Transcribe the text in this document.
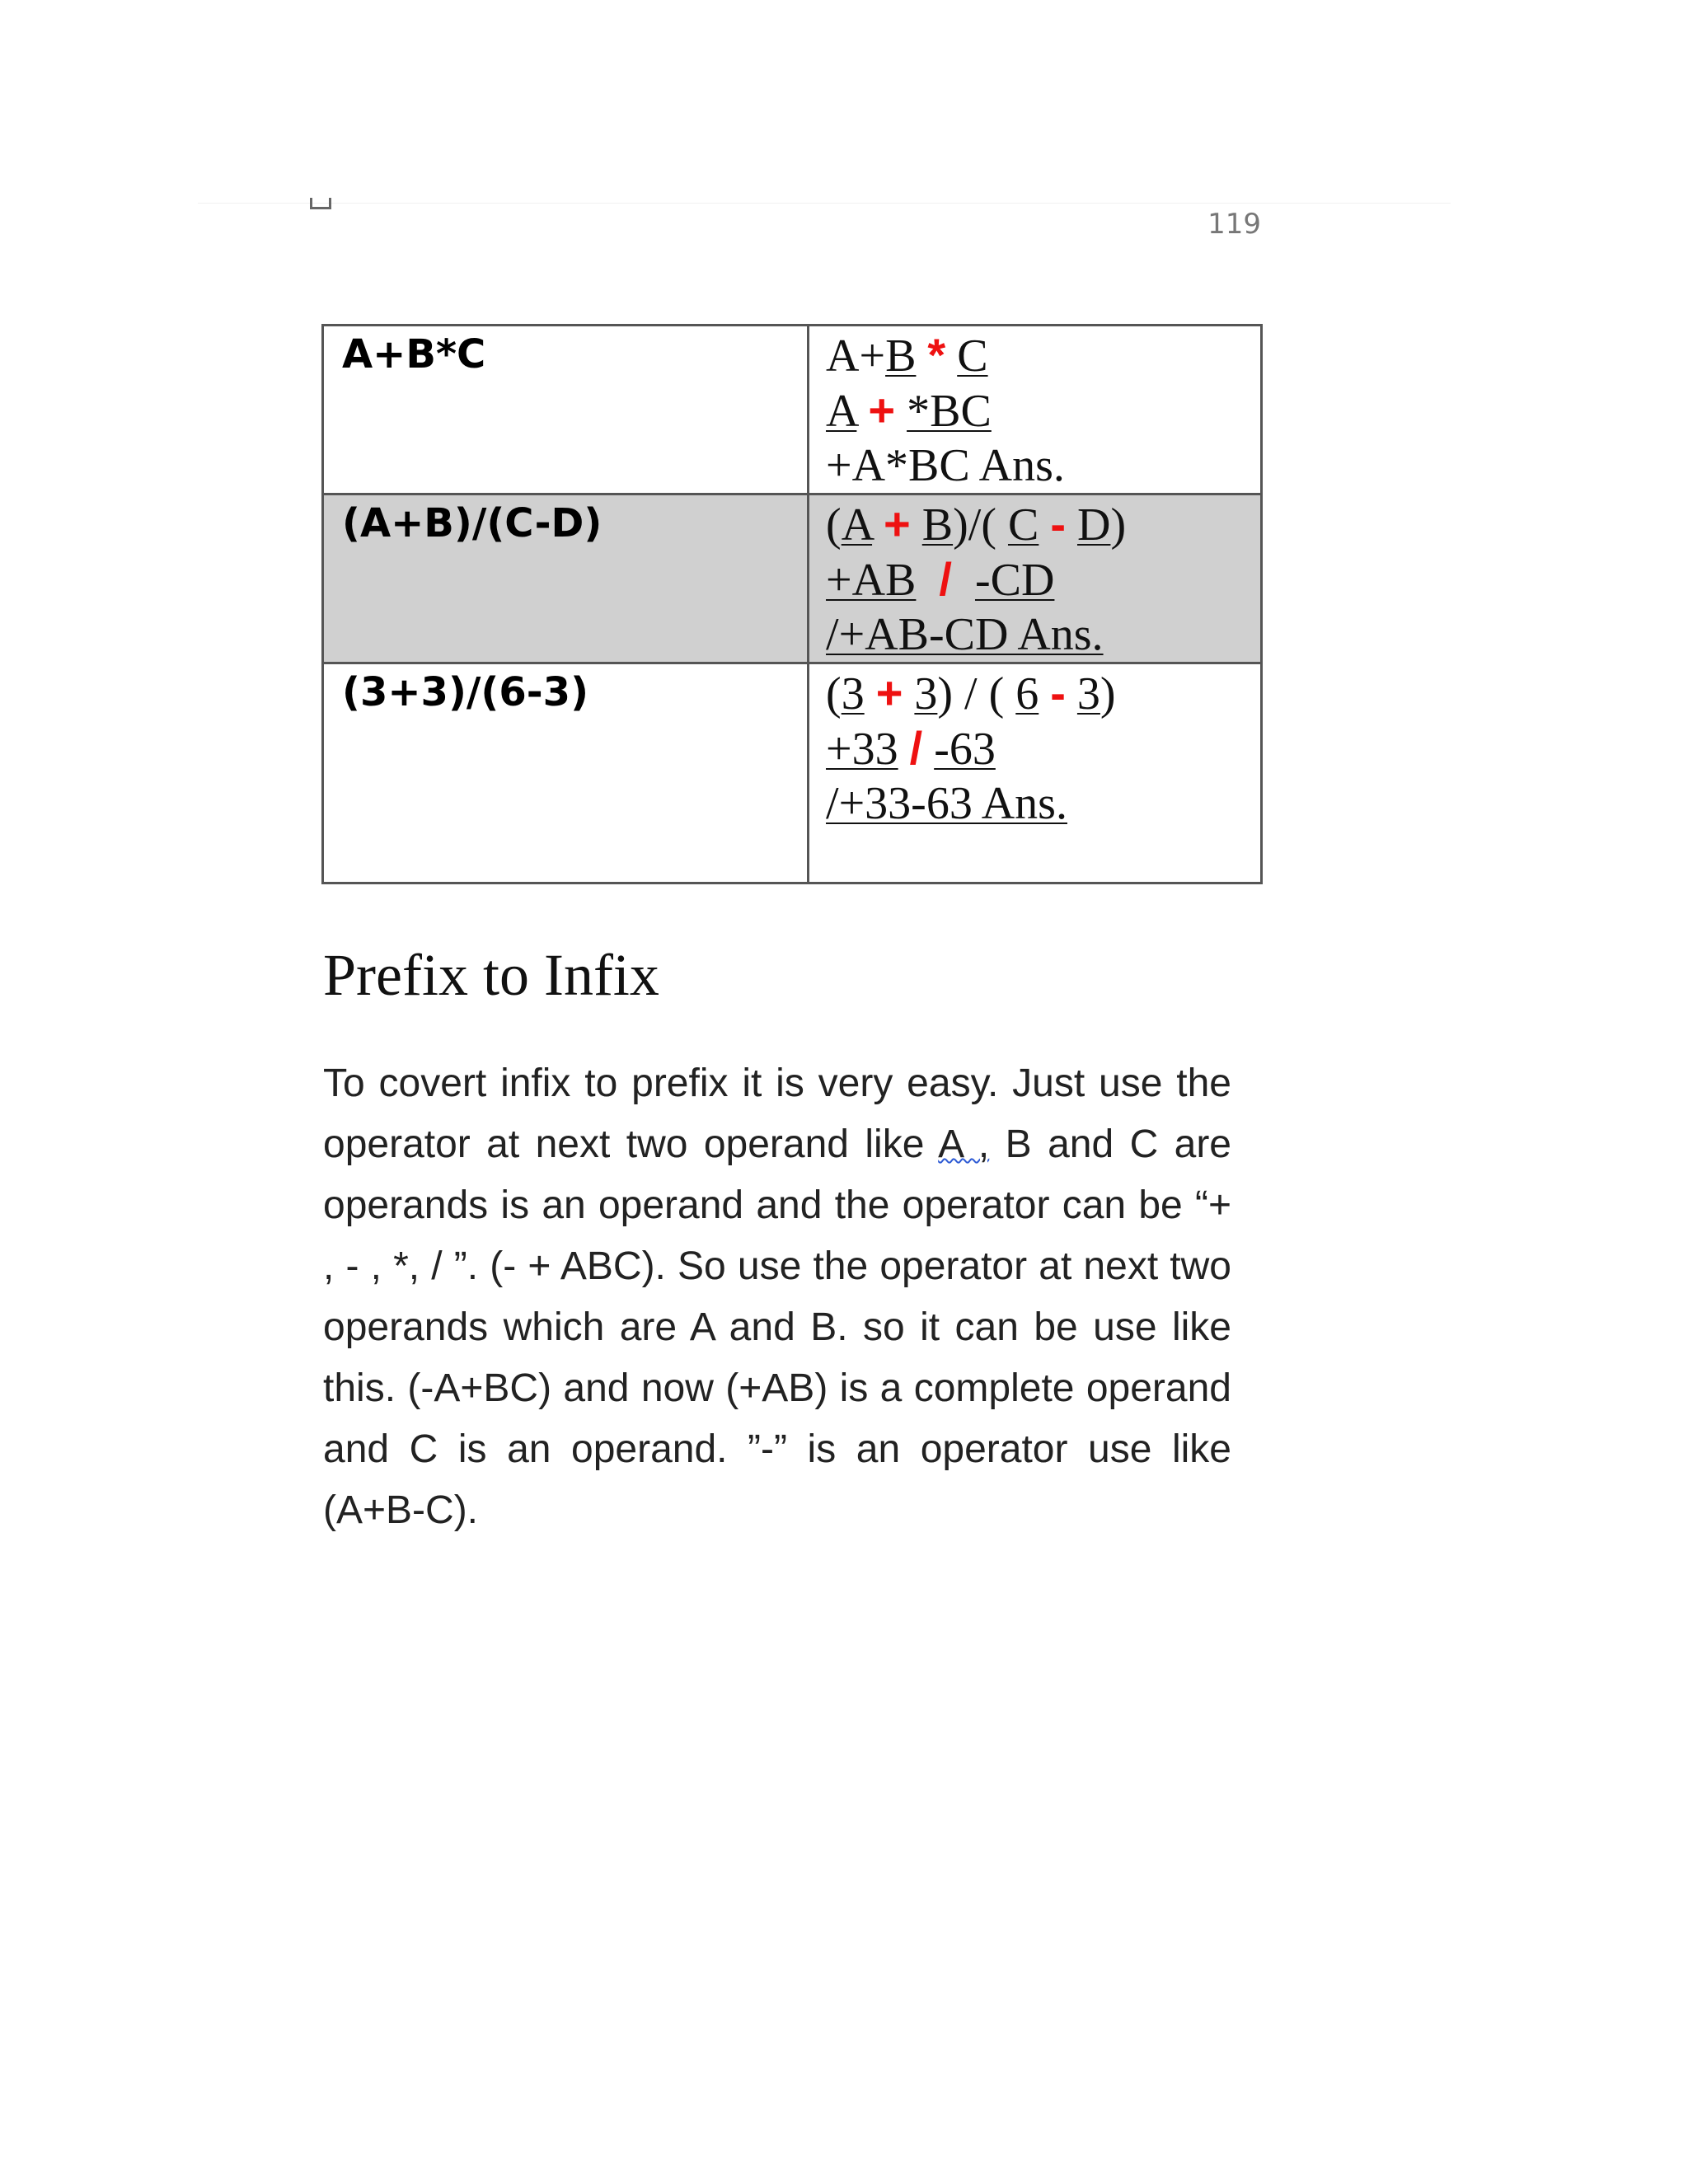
119
A+B*C	A+B * C
A + *BC
+A*BC Ans.

(A+B)/(C-D)	(A + B)/( C - D)
+AB / -CD
/+AB-CD Ans.

(3+3)/(6-3)	(3 + 3) / ( 6 - 3)
+33 / -63
/+33-63 Ans.
Prefix to Infix

To covert infix to prefix it is very easy. Just use the operator at next two operand like A , B and C are operands is an operand and the operator can be “+ , - , *, / ”. (- + ABC). So use the operator at next two operands which are A and B. so it can be use like this. (-A+BC) and now (+AB) is a complete operand and C is an operand. ”-” is an operator use like (A+B-C).
